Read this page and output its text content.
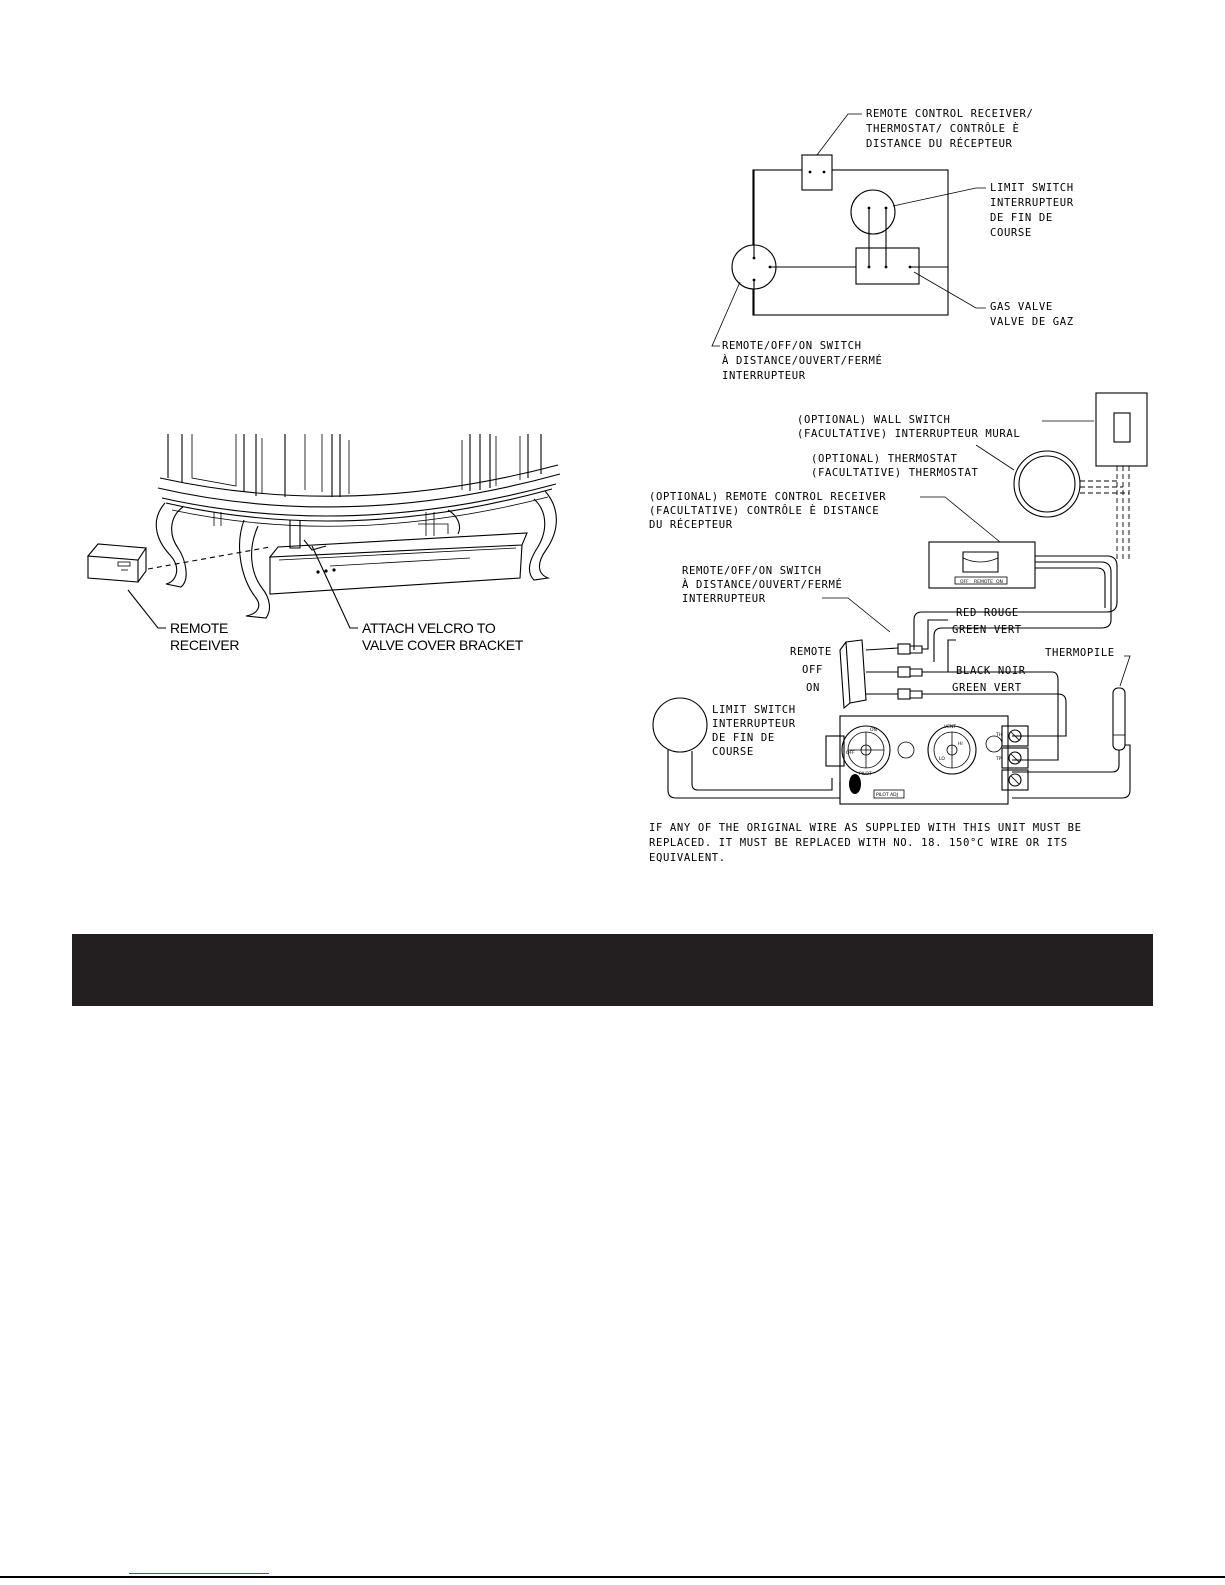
REMOTE
RECEIVER
ATTACH VELCRO TO
VALVE COVER BRACKET
REMOTE CONTROL RECEIVER/
THERMOSTAT/ CONTRÔLE È
DISTANCE DU RÉCEPTEUR
LIMIT SWITCH
INTERRUPTEUR
DE FIN DE
COURSE
GAS VALVE
VALVE DE GAZ
REMOTE/OFF/ON SWITCH
À DISTANCE/OUVERT/FERMÉ
INTERRUPTEUR
OFF REMOTE ON
ON
OFF
PILOT
HI
LO
VENT
TH
TP
PILOT ADJ
(OPTIONAL) WALL SWITCH
(FACULTATIVE) INTERRUPTEUR MURAL
(OPTIONAL) THERMOSTAT
(FACULTATIVE) THERMOSTAT
(OPTIONAL) REMOTE CONTROL RECEIVER
(FACULTATIVE) CONTRÔLE È DISTANCE
DU RÉCEPTEUR
REMOTE/OFF/ON SWITCH
À DISTANCE/OUVERT/FERMÉ
INTERRUPTEUR
REMOTE
OFF
ON
RED ROUGE
GREEN VERT
BLACK NOIR
GREEN VERT
THERMOPILE
LIMIT SWITCH
INTERRUPTEUR
DE FIN DE
COURSE
IF ANY OF THE ORIGINAL WIRE AS SUPPLIED WITH THIS UNIT MUST BE
REPLACED. IT MUST BE REPLACED WITH NO. 18. 150°C WIRE OR ITS
EQUIVALENT.
